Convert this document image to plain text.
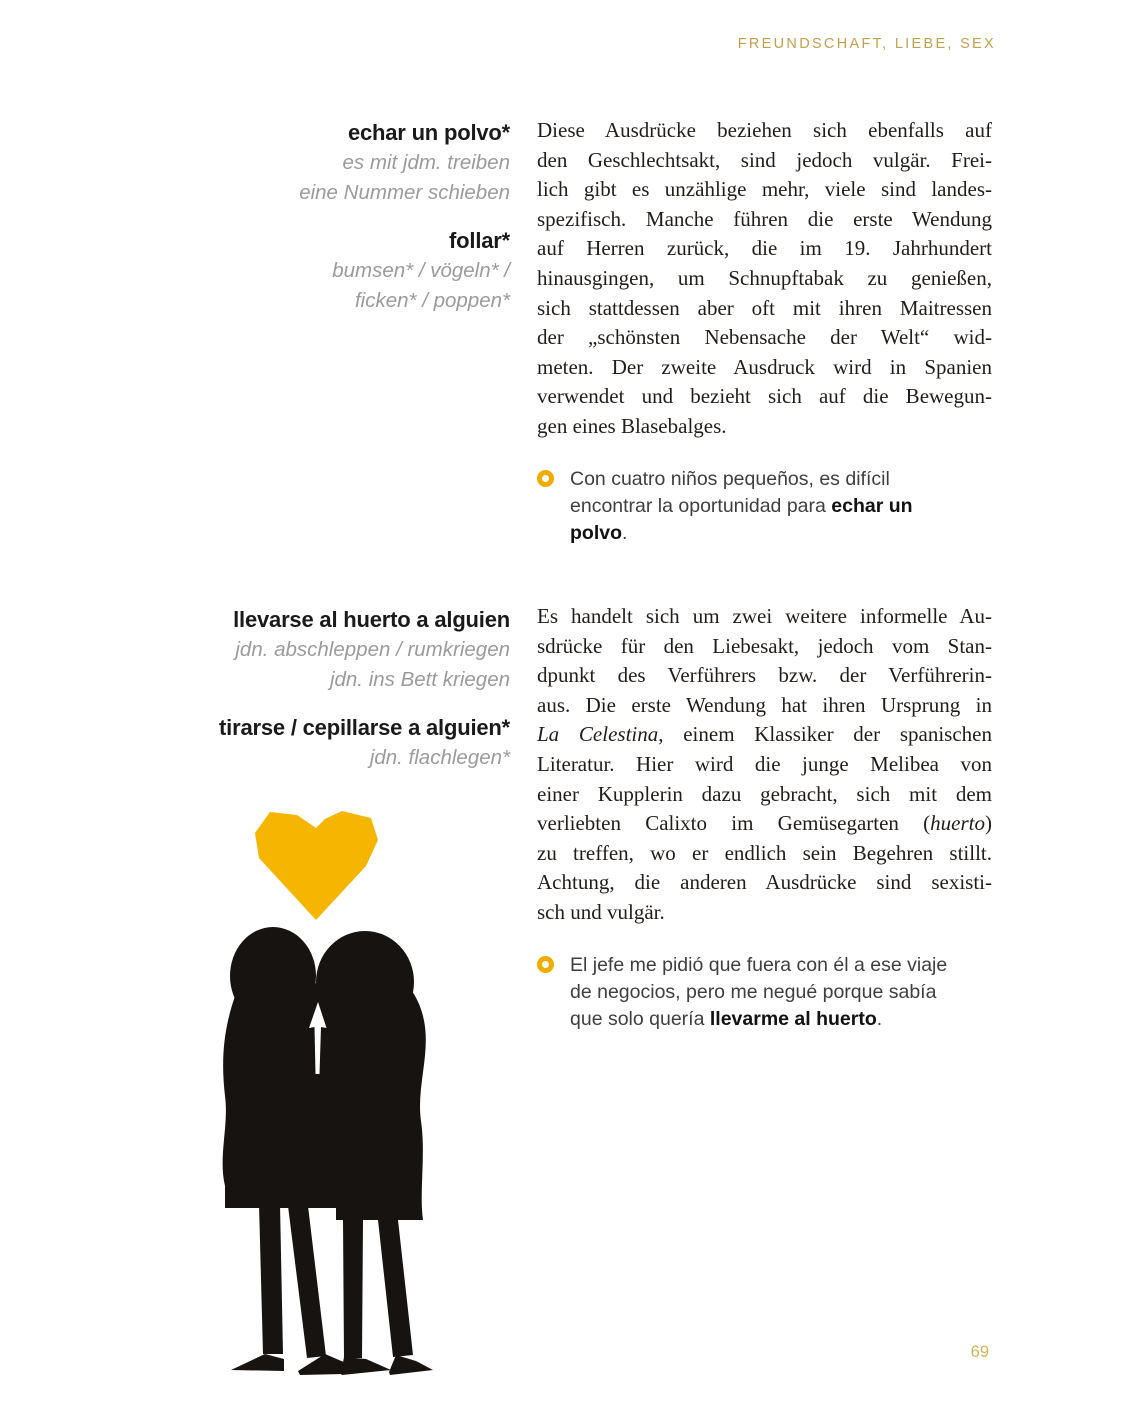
FREUNDSCHAFT, LIEBE, SEX
echar un polvo*
es mit jdm. treiben
eine Nummer schieben
follar*
bumsen* / vögeln* /
ficken* / poppen*
Diese Ausdrücke beziehen sich ebenfalls auf
den Geschlechtsakt, sind jedoch vulgär. Frei-
lich gibt es unzählige mehr, viele sind landes-
spezifisch. Manche führen die erste Wendung
auf Herren zurück, die im 19. Jahrhundert
hinausgingen, um Schnupftabak zu genießen,
sich stattdessen aber oft mit ihren Maitressen
der „schönsten Nebensache der Welt“ wid-
meten. Der zweite Ausdruck wird in Spanien
verwendet und bezieht sich auf die Bewegun-
gen eines Blasebalges.
Con cuatro niños pequeños, es difícil
encontrar la oportunidad para echar un
polvo.
llevarse al huerto a alguien
jdn. abschleppen / rumkriegen
jdn. ins Bett kriegen
tirarse / cepillarse a alguien*
jdn. flachlegen*
Es handelt sich um zwei weitere informelle Au-
sdrücke für den Liebesakt, jedoch vom Stan-
dpunkt des Verführers bzw. der Verführerin-
aus. Die erste Wendung hat ihren Ursprung in
La Celestina, einem Klassiker der spanischen
Literatur. Hier wird die junge Melibea von
einer Kupplerin dazu gebracht, sich mit dem
verliebten Calixto im Gemüsegarten (huerto)
zu treffen, wo er endlich sein Begehren stillt.
Achtung, die anderen Ausdrücke sind sexisti-
sch und vulgär.
El jefe me pidió que fuera con él a ese viaje
de negocios, pero me negué porque sabía
que solo quería llevarme al huerto.
69
